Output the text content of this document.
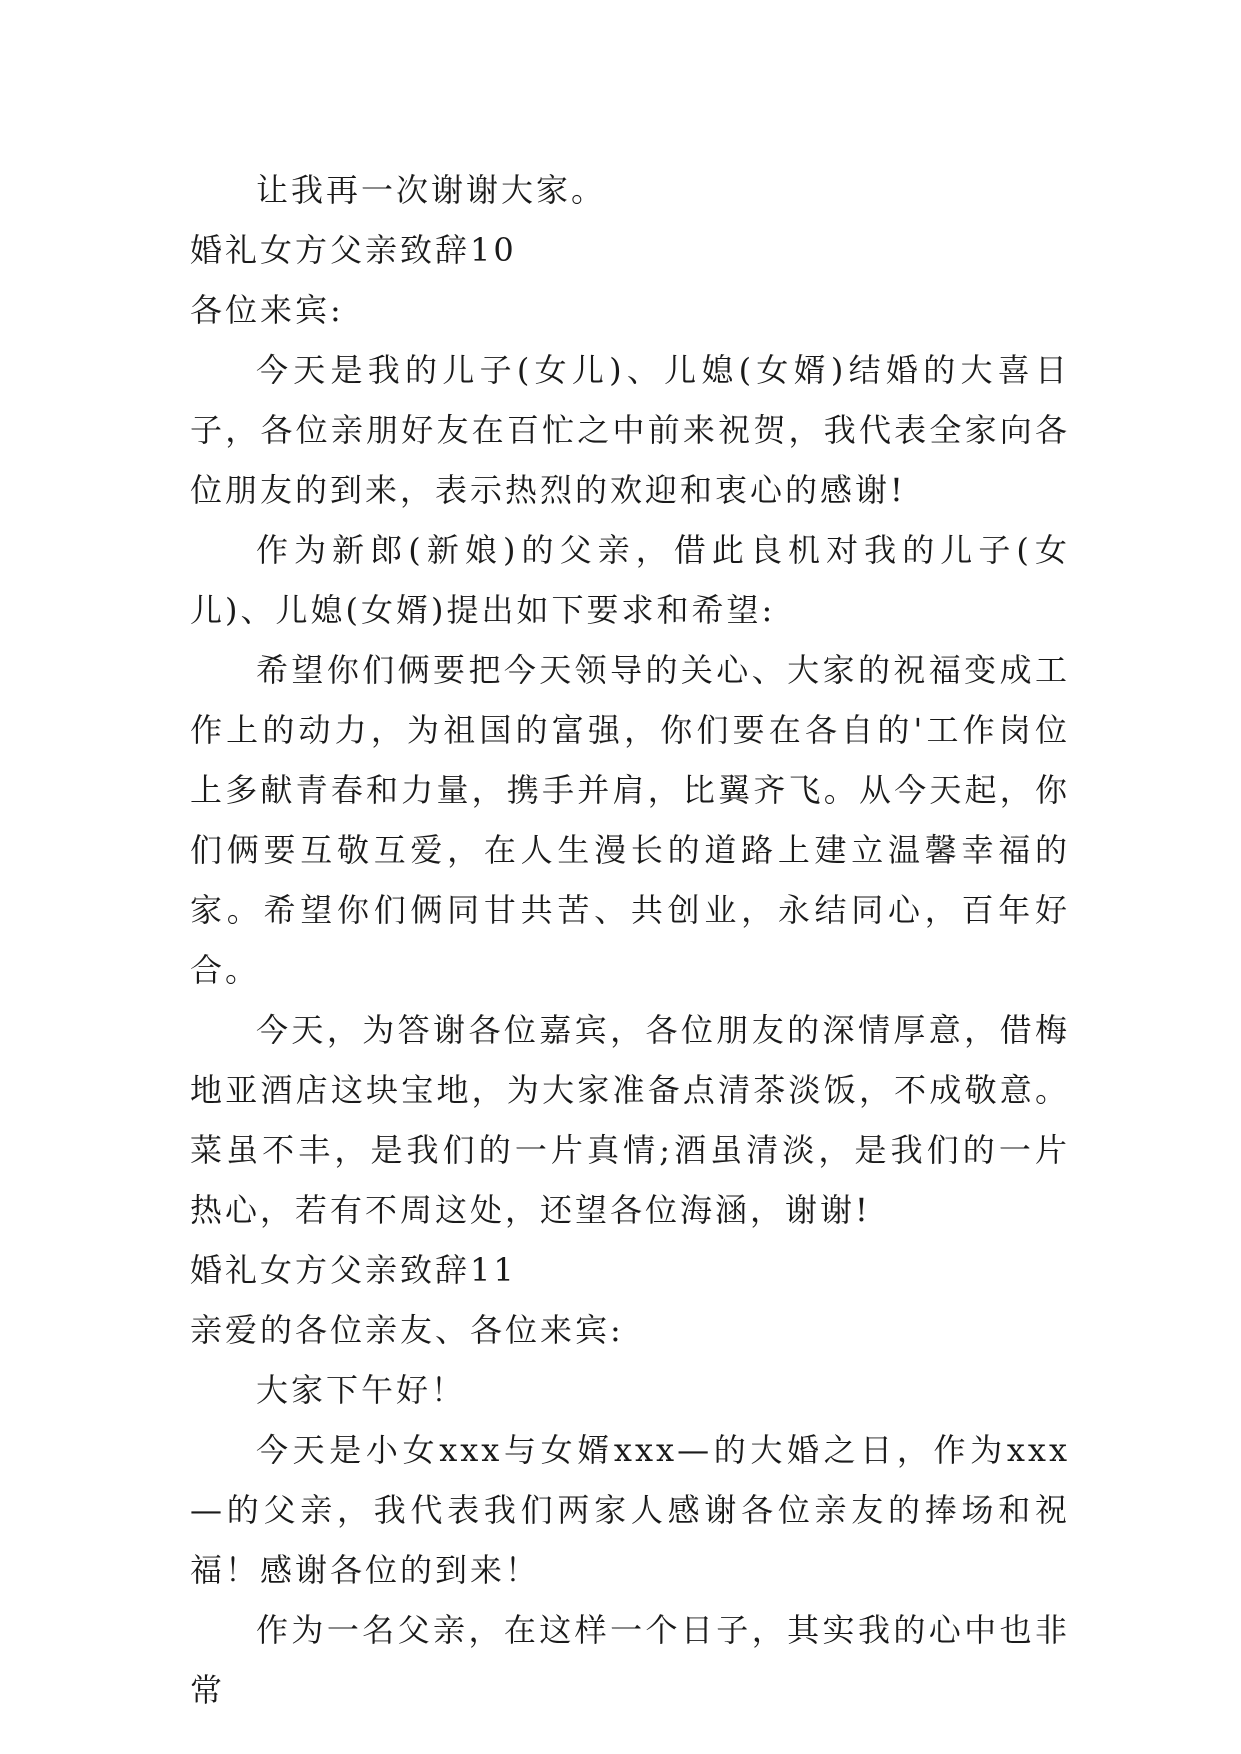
让我再一次谢谢大家。

婚礼女方父亲致辞10

各位来宾:

今天是我的儿子(女儿)、儿媳(女婿)结婚的大喜日子，各位亲朋好友在百忙之中前来祝贺，我代表全家向各位朋友的到来，表示热烈的欢迎和衷心的感谢!

作为新郎(新娘)的父亲，借此良机对我的儿子(女儿)、儿媳(女婿)提出如下要求和希望:

希望你们俩要把今天领导的关心、大家的祝福变成工作上的动力，为祖国的富强，你们要在各自的'工作岗位上多献青春和力量，携手并肩，比翼齐飞。从今天起，你们俩要互敬互爱，在人生漫长的道路上建立温馨幸福的家。希望你们俩同甘共苦、共创业，永结同心，百年好合。

今天，为答谢各位嘉宾，各位朋友的深情厚意，借梅地亚酒店这块宝地，为大家准备点清茶淡饭，不成敬意。菜虽不丰，是我们的一片真情;酒虽清淡，是我们的一片热心，若有不周这处，还望各位海涵，谢谢!

婚礼女方父亲致辞11

亲爱的各位亲友、各位来宾:

大家下午好！

今天是小女xxx与女婿xxx—的大婚之日，作为xxx—的父亲，我代表我们两家人感谢各位亲友的捧场和祝福！感谢各位的到来！

作为一名父亲，在这样一个日子，其实我的心中也非常
